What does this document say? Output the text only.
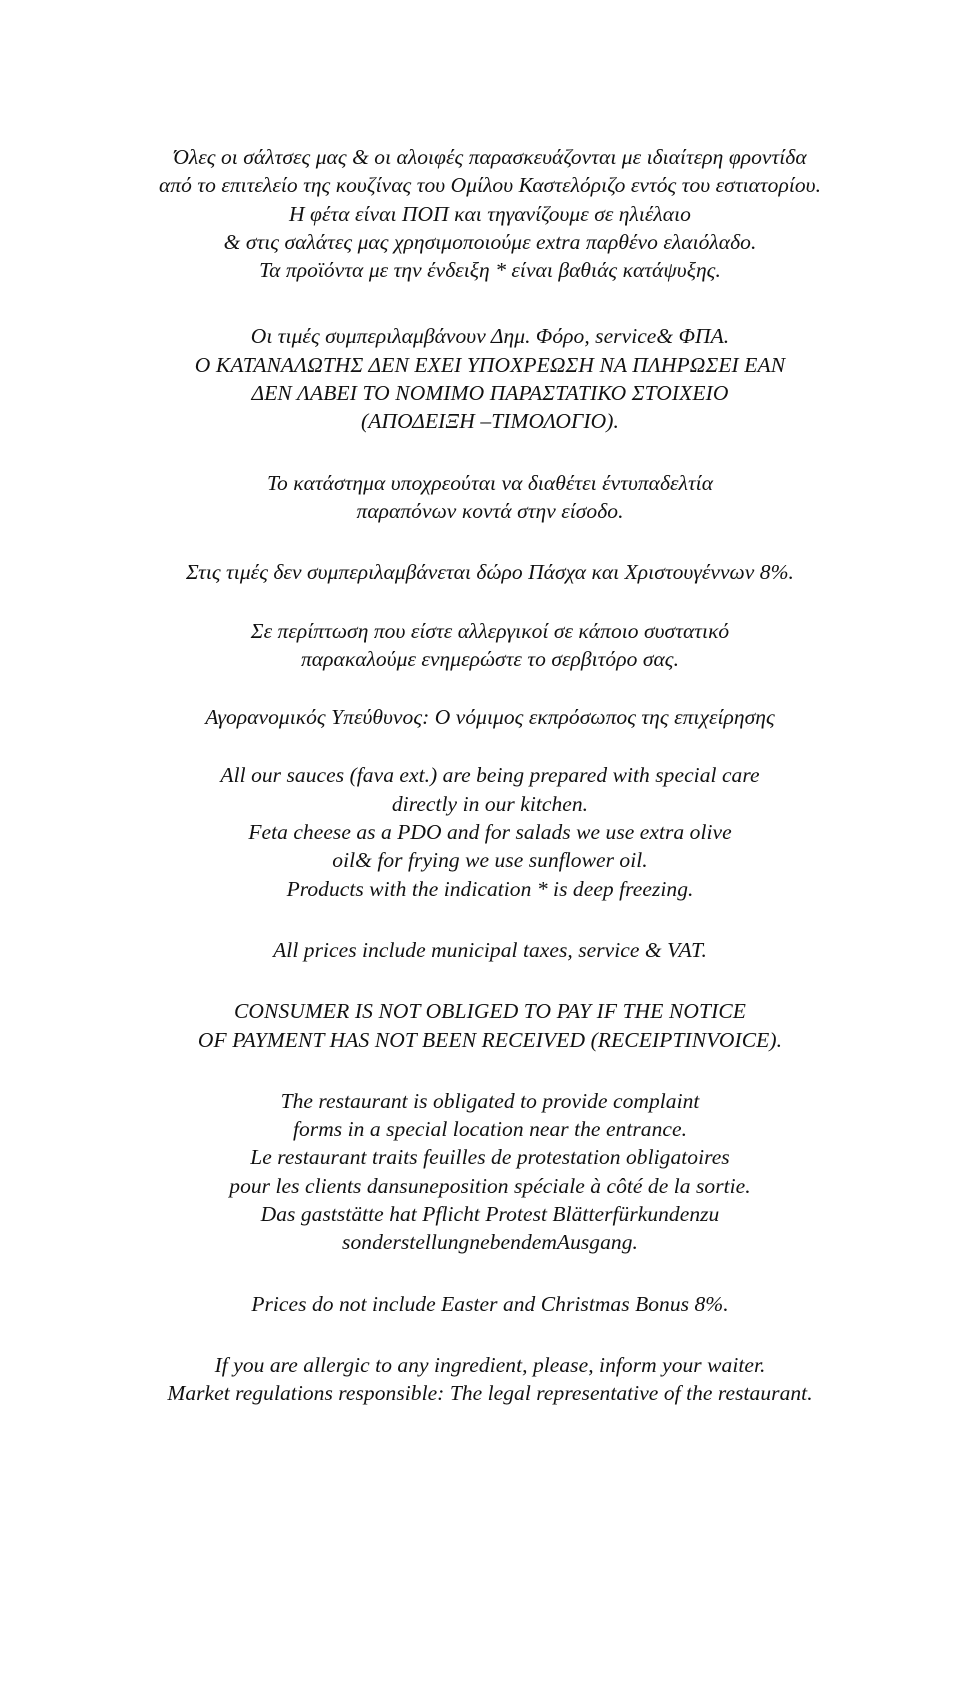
Όλες οι σάλτσες μας & οι αλοιφές παρασκευάζονται με ιδιαίτερη φροντίδα
από το επιτελείο της κουζίνας του Ομίλου Καστελόριζο εντός του εστιατορίου.
Η φέτα είναι ΠΟΠ και τηγανίζουμε σε ηλιέλαιο
& στις σαλάτες μας χρησιμοποιούμε extra παρθένο ελαιόλαδο.
Τα προϊόντα με την ένδειξη * είναι βαθιάς κατάψυξης.
Οι τιμές συμπεριλαμβάνουν Δημ. Φόρο, service& ΦΠΑ.
Ο ΚΑΤΑΝΑΛΩΤΗΣ ΔΕΝ ΕΧΕΙ ΥΠΟΧΡΕΩΣΗ ΝΑ ΠΛΗΡΩΣΕΙ ΕΑΝ
ΔΕΝ ΛΑΒΕΙ ΤΟ ΝΟΜΙΜΟ ΠΑΡΑΣΤΑΤΙΚΟ ΣΤΟΙΧΕΙΟ
(ΑΠΟΔΕΙΞΗ –ΤΙΜΟΛΟΓΙΟ).
Το κατάστημα υποχρεούται να διαθέτει έντυπαδελτία
παραπόνων κοντά στην είσοδο.
Στις τιμές δεν συμπεριλαμβάνεται δώρο Πάσχα και Χριστουγέννων 8%.
Σε περίπτωση που είστε αλλεργικοί σε κάποιο συστατικό
παρακαλούμε ενημερώστε το σερβιτόρο σας.
Αγορανομικός Υπεύθυνος: Ο νόμιμος εκπρόσωπος της επιχείρησης
All our sauces (fava ext.) are being prepared with special care
directly in our kitchen.
Feta cheese as a PDO and for salads we use extra olive
oil& for frying we use sunflower oil.
Products with the indication * is deep freezing.
All prices include municipal taxes, service & VAT.
CONSUMER IS NOT OBLIGED TO PAY IF THE NOTICE
OF PAYMENT HAS NOT BEEN RECEIVED (RECEIPTINVOICE).
The restaurant is obligated to provide complaint
forms in a special location near the entrance.
Le restaurant traits feuilles de protestation obligatoires
pour les clients dansuneposition spéciale à côté de la sortie.
Das gaststätte hat Pflicht Protest Blätterfürkundenzu
sonderstellungnebendemAusgang.
Prices do not include Easter and Christmas Bonus 8%.
If you are allergic to any ingredient, please, inform your waiter.
Market regulations responsible: The legal representative of the restaurant.
